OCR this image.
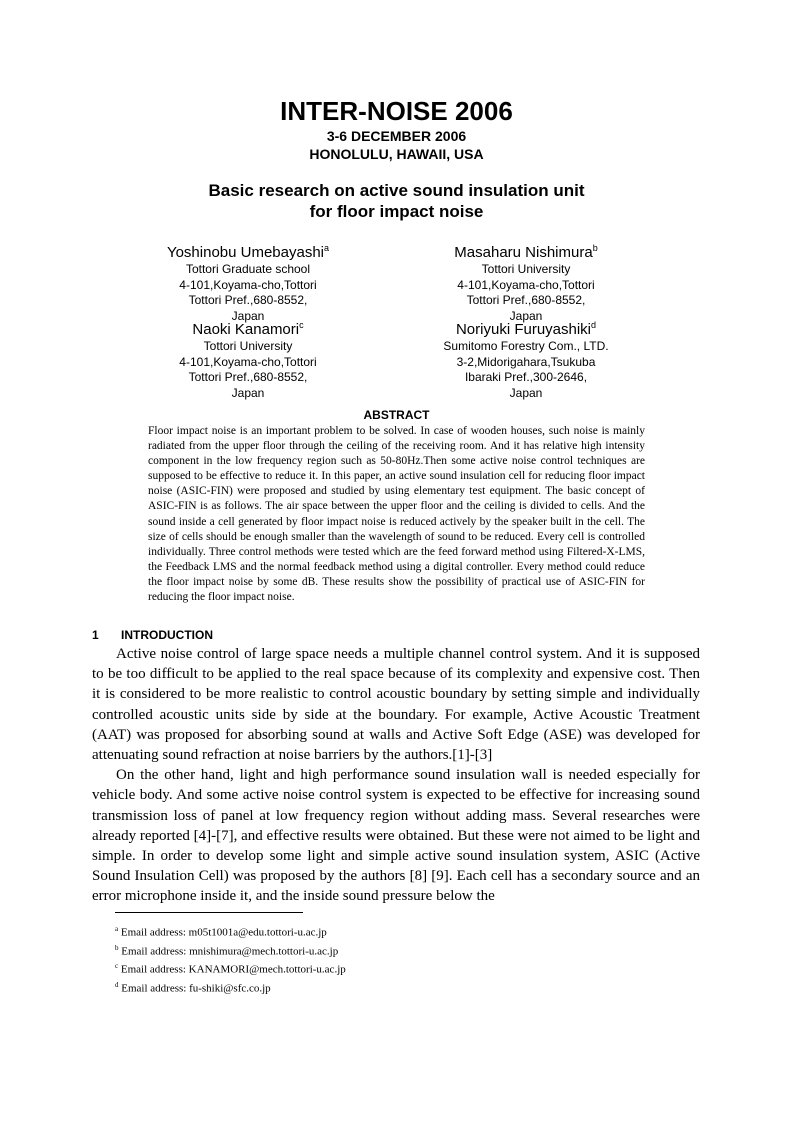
INTER-NOISE 2006
3-6 DECEMBER 2006
HONOLULU, HAWAII, USA
Basic research on active sound insulation unit
for floor impact noise
Yoshinobu Umebayashi$^a$
Tottori Graduate school
4-101,Koyama-cho,Tottori
Tottori Pref.,680-8552,
Japan
Masaharu Nishimura$^b$
Tottori University
4-101,Koyama-cho,Tottori
Tottori Pref.,680-8552,
Japan
Naoki Kanamori$^c$
Tottori University
4-101,Koyama-cho,Tottori
Tottori Pref.,680-8552,
Japan
Noriyuki Furuyashiki$^d$
Sumitomo Forestry Com., LTD.
3-2,Midorigahara,Tsukuba
Ibaraki Pref.,300-2646,
Japan
ABSTRACT

Floor impact noise is an important problem to be solved. In case of wooden houses, such noise is mainly radiated from the upper floor through the ceiling of the receiving room. And it has relative high intensity component in the low frequency region such as 50-80Hz.Then some active noise control techniques are supposed to be effective to reduce it. In this paper, an active sound insulation cell for reducing floor impact noise (ASIC-FIN) were proposed and studied by using elementary test equipment. The basic concept of ASIC-FIN is as follows. The air space between the upper floor and the ceiling is divided to cells. And the sound inside a cell generated by floor impact noise is reduced actively by the speaker built in the cell. The size of cells should be enough smaller than the wavelength of sound to be reduced. Every cell is controlled individually. Three control methods were tested which are the feed forward method using Filtered-X-LMS, the Feedback LMS and the normal feedback method using a digital controller. Every method could reduce the floor impact noise by some dB. These results show the possibility of practical use of ASIC-FIN for reducing the floor impact noise.

1 INTRODUCTION

Active noise control of large space needs a multiple channel control system. And it is supposed to be too difficult to be applied to the real space because of its complexity and expensive cost. Then it is considered to be more realistic to control acoustic boundary by setting simple and individually controlled acoustic units side by side at the boundary. For example, Active Acoustic Treatment (AAT) was proposed for absorbing sound at walls and Active Soft Edge (ASE) was developed for attenuating sound refraction at noise barriers by the authors.[1]-[3]

On the other hand, light and high performance sound insulation wall is needed especially for vehicle body. And some active noise control system is expected to be effective for increasing sound transmission loss of panel at low frequency region without adding mass. Several researches were already reported [4]-[7], and effective results were obtained. But these were not aimed to be light and simple. In order to develop some light and simple active sound insulation system, ASIC (Active Sound Insulation Cell) was proposed by the authors [8] [9]. Each cell has a secondary source and an error microphone inside it, and the inside sound pressure below the

$^a$ Email address: m05t1001a@edu.tottori-u.ac.jp
$^b$ Email address: mnishimura@mech.tottori-u.ac.jp
$^c$ Email address: KANAMORI@mech.tottori-u.ac.jp
$^d$ Email address: fu-shiki@sfc.co.jp
